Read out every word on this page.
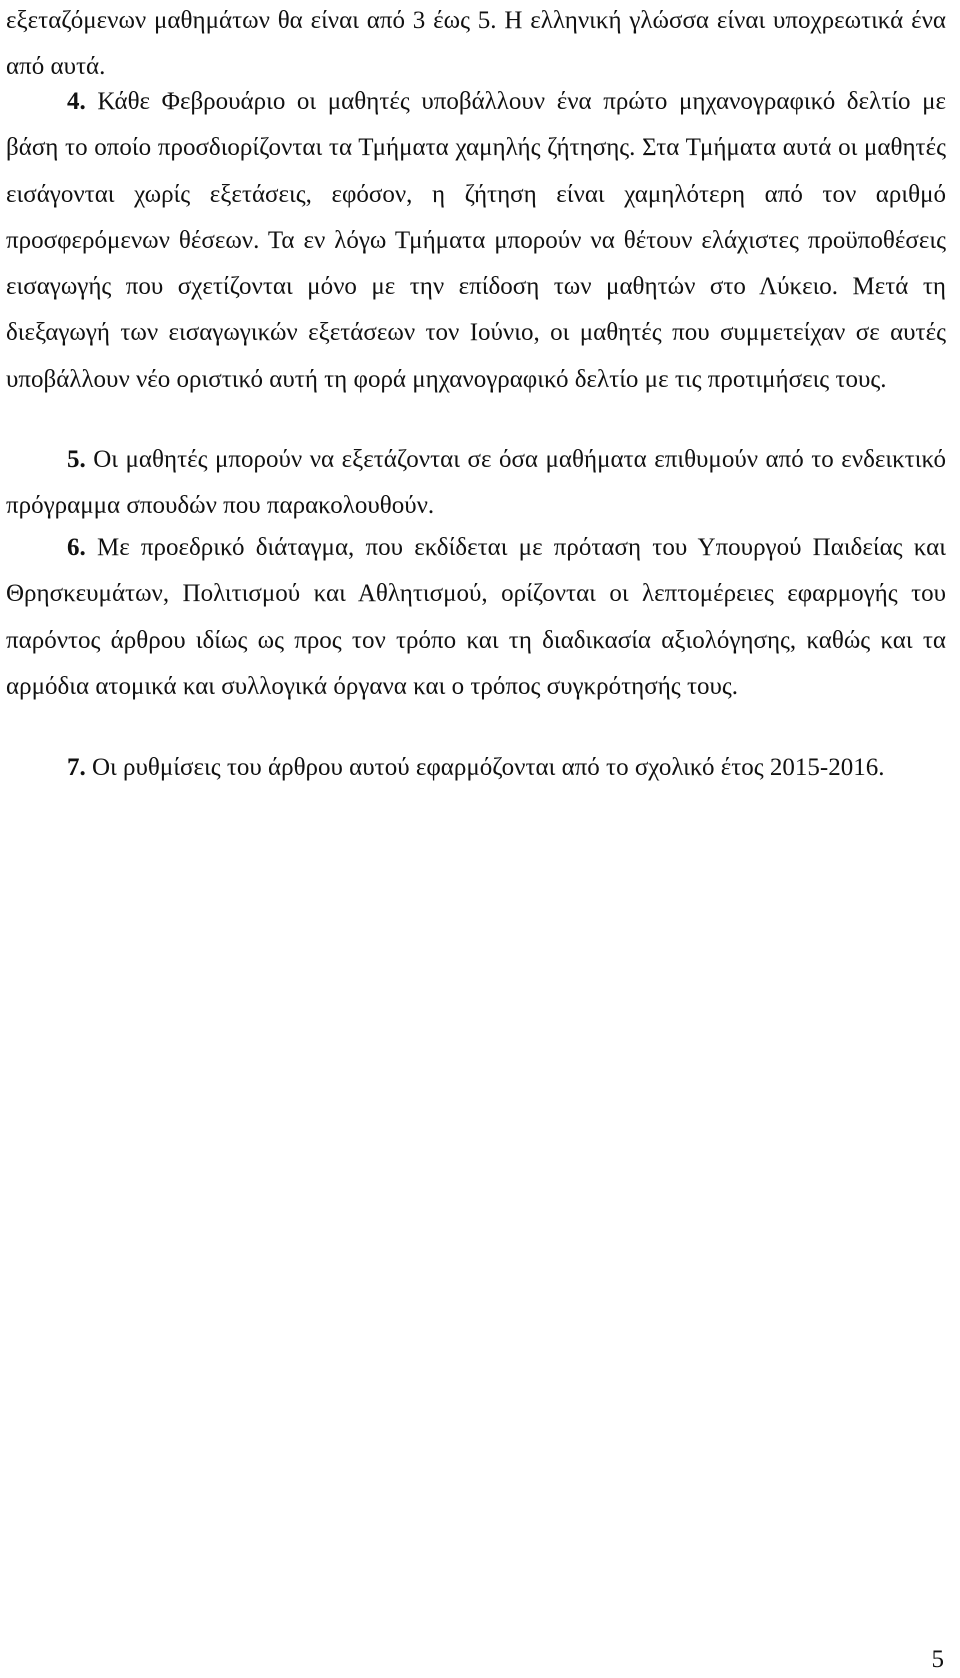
εξεταζόμενων μαθημάτων θα είναι από 3 έως 5. Η ελληνική γλώσσα είναι υποχρεωτικά ένα από αυτά.

4. Κάθε Φεβρουάριο οι μαθητές υποβάλλουν ένα πρώτο μηχανογραφικό δελτίο με βάση το οποίο προσδιορίζονται τα Τμήματα χαμηλής ζήτησης. Στα Τμήματα αυτά οι μαθητές εισάγονται χωρίς εξετάσεις, εφόσον, η ζήτηση είναι χαμηλότερη από τον αριθμό προσφερόμενων θέσεων. Τα εν λόγω Τμήματα μπορούν να θέτουν ελάχιστες προϋποθέσεις εισαγωγής που σχετίζονται μόνο με την επίδοση των μαθητών στο Λύκειο. Μετά τη διεξαγωγή των εισαγωγικών εξετάσεων τον Ιούνιο, οι μαθητές που συμμετείχαν σε αυτές υποβάλλουν νέο οριστικό αυτή τη φορά μηχανογραφικό δελτίο με τις προτιμήσεις τους.

5. Οι μαθητές μπορούν να εξετάζονται σε όσα μαθήματα επιθυμούν από το ενδεικτικό πρόγραμμα σπουδών που παρακολουθούν.

6. Με προεδρικό διάταγμα, που εκδίδεται με πρόταση του Υπουργού Παιδείας και Θρησκευμάτων, Πολιτισμού και Αθλητισμού, ορίζονται οι λεπτομέρειες εφαρμογής του παρόντος άρθρου ιδίως ως προς τον τρόπο και τη διαδικασία αξιολόγησης, καθώς και τα αρμόδια ατομικά και συλλογικά όργανα και ο τρόπος συγκρότησής τους.

7. Οι ρυθμίσεις του άρθρου αυτού εφαρμόζονται από το σχολικό έτος 2015-2016.

5
